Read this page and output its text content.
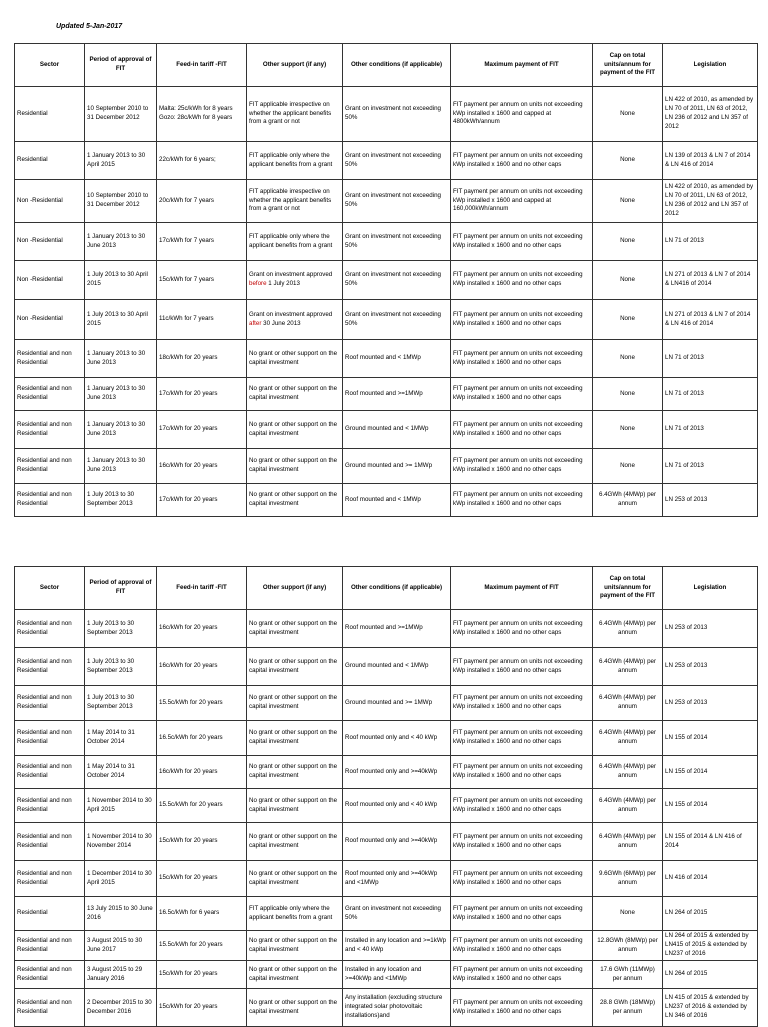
Updated 5-Jan-2017
Sector	Period of approval of FIT	Feed-in tariff -FIT	Other support (if any)	Other conditions (if applicable)	Maximum payment of FIT	Cap on total units/annum for payment of the FIT	Legislation
Residential	10 September 2010 to 31 December 2012	Malta: 25c/kWh for 8 years Gozo: 28c/kWh for 8 years	FIT applicable irrespective on whether the applicant benefits from a grant or not	Grant on investment not exceeding 50%	FIT payment per annum on units not exceeding kWp installed x 1600 and capped at 4800kWh/annum	None	LN 422 of 2010, as amended by LN 70 of 2011, LN 63 of 2012, LN 236 of 2012 and LN 357 of 2012
Residential	1 January 2013 to 30 April 2015	22c/kWh for 6 years;	FIT applicable only where the applicant benefits from a grant	Grant on investment not exceeding 50%	FIT payment per annum on units not exceeding kWp installed x 1600 and no other caps	None	LN 139 of 2013 & LN 7 of 2014 & LN 416 of 2014
Non -Residential	10 September 2010 to 31 December 2012	20c/kWh for 7 years	FIT applicable irrespective on whether the applicant benefits from a grant or not	Grant on investment not exceeding 50%	FIT payment per annum on units not exceeding kWp installed x 1600 and capped at 160,000kWh/annum	None	LN 422 of 2010, as amended by LN 70 of 2011, LN 63 of 2012, LN 236 of 2012 and LN 357 of 2012
Non -Residential	1 January 2013 to 30 June 2013	17c/kWh for 7 years	FIT applicable only where the applicant benefits from a grant	Grant on investment not exceeding 50%	FIT payment per annum on units not exceeding kWp installed x 1600 and no other caps	None	LN 71 of 2013
Non -Residential	1 July 2013 to 30 April 2015	15c/kWh for 7 years	Grant on investment approved before 1 July 2013	Grant on investment not exceeding 50%	FIT payment per annum on units not exceeding kWp installed x 1600 and no other caps	None	LN 271 of 2013 & LN 7 of 2014 & LN416 of 2014
Non -Residential	1 July 2013 to 30 April 2015	11c/kWh for 7 years	Grant on investment approved after 30 June 2013	Grant on investment not exceeding 50%	FIT payment per annum on units not exceeding kWp installed x 1600 and no other caps	None	LN 271 of 2013 & LN 7 of 2014 & LN 416 of 2014
Residential and non Residential	1 January 2013 to 30 June 2013	18c/kWh for 20 years	No grant or other support on the capital investment	Roof mounted and < 1MWp	FIT payment per annum on units not exceeding kWp installed x 1600 and no other caps	None	LN 71 of 2013
Residential and non Residential	1 January 2013 to 30 June 2013	17c/kWh for 20 years	No grant or other support on the capital investment	Roof mounted and >=1MWp	FIT payment per annum on units not exceeding kWp installed x 1600 and no other caps	None	LN 71 of 2013
Residential and non Residential	1 January 2013 to 30 June 2013	17c/kWh for 20 years	No grant or other support on the capital investment	Ground mounted and < 1MWp	FIT payment per annum on units not exceeding kWp installed x 1600 and no other caps	None	LN 71 of 2013
Residential and non Residential	1 January 2013 to 30 June 2013	16c/kWh for 20 years	No grant or other support on the capital investment	Ground mounted and >= 1MWp	FIT payment per annum on units not exceeding kWp installed x 1600 and no other caps	None	LN 71 of 2013
Residential and non Residential	1 July 2013 to 30 September 2013	17c/kWh for 20 years	No grant or other support on the capital investment	Roof mounted and < 1MWp	FIT payment per annum on units not exceeding kWp installed x 1600 and no other caps	6.4GWh (4MWp) per annum	LN 253 of 2013
Sector	Period of approval of FIT	Feed-in tariff -FIT	Other support (if any)	Other conditions (if applicable)	Maximum payment of FIT	Cap on total units/annum for payment of the FIT	Legislation
Residential and non Residential	1 July 2013 to 30 September 2013	16c/kWh for 20 years	No grant or other support on the capital investment	Roof mounted and >=1MWp	FIT payment per annum on units not exceeding kWp installed x 1600 and no other caps	6.4GWh (4MWp) per annum	LN 253 of 2013
Residential and non Residential	1 July 2013 to 30 September 2013	16c/kWh for 20 years	No grant or other support on the capital investment	Ground mounted and < 1MWp	FIT payment per annum on units not exceeding kWp installed x 1600 and no other caps	6.4GWh (4MWp) per annum	LN 253 of 2013
Residential and non Residential	1 July 2013 to 30 September 2013	15.5c/kWh for 20 years	No grant or other support on the capital investment	Ground mounted and >= 1MWp	FIT payment per annum on units not exceeding kWp installed x 1600 and no other caps	6.4GWh (4MWp) per annum	LN 253 of 2013
Residential and non Residential	1 May 2014 to 31 October 2014	16.5c/kWh for 20 years	No grant or other support on the capital investment	Roof mounted only and < 40 kWp	FIT payment per annum on units not exceeding kWp installed x 1600 and no other caps	6.4GWh (4MWp) per annum	LN 155 of 2014
Residential and non Residential	1 May 2014 to 31 October 2014	16c/kWh for 20 years	No grant or other support on the capital investment	Roof mounted only and >=40kWp	FIT payment per annum on units not exceeding kWp installed x 1600 and no other caps	6.4GWh (4MWp) per annum	LN 155 of 2014
Residential and non Residential	1 November 2014 to 30 April 2015	15.5c/kWh for 20 years	No grant or other support on the capital investment	Roof mounted only and < 40 kWp	FIT payment per annum on units not exceeding kWp installed x 1600 and no other caps	6.4GWh (4MWp) per annum	LN 155 of 2014
Residential and non Residential	1 November 2014 to 30 November 2014	15c/kWh for 20 years	No grant or other support on the capital investment	Roof mounted only and >=40kWp	FIT payment per annum on units not exceeding kWp installed x 1600 and no other caps	6.4GWh (4MWp) per annum	LN 155 of 2014 & LN 416 of 2014
Residential and non Residential	1 December 2014 to 30 April 2015	15c/kWh for 20 years	No grant or other support on the capital investment	Roof mounted only and >=40kWp and <1MWp	FIT payment per annum on units not exceeding kWp installed x 1600 and no other caps	9.6GWh (6MWp) per annum	LN 416 of 2014
Residential	13 July 2015 to 30 June 2016	16.5c/kWh for 6 years	FIT applicable only where the applicant benefits from a grant	Grant on investment not exceeding 50%	FIT payment per annum on units not exceeding kWp installed x 1600 and no other caps	None	LN 264 of 2015
Residential and non Residential	3 August 2015 to 30 June 2017	15.5c/kWh for 20 years	No grant or other support on the capital investment	Installed in any location and >=1kWp and < 40 kWp	FIT payment per annum on units not exceeding kWp installed x 1600 and no other caps	12.8GWh (8MWp) per annum	LN 264 of 2015 & extended by LN415 of 2015 & extended by LN237 of 2016
Residential and non Residential	3 August 2015 to 29 January 2016	15c/kWh for 20 years	No grant or other support on the capital investment	Installed in any location and >=40kWp and <1MWp	FIT payment per annum on units not exceeding kWp installed x 1600 and no other caps	17.6 GWh (11MWp) per annum	LN 264 of 2015
Residential and non Residential	2 December 2015 to 30 December 2016	15c/kWh for 20 years	No grant or other support on the capital investment	Any installation (excluding structure integrated solar photovoltaic installations)and	FIT payment per annum on units not exceeding kWp installed x 1600 and no other caps	28.8 GWh (18MWp) per annum	LN 415 of 2015 & extended by LN237 of 2016 & extended by LN 346 of 2016
